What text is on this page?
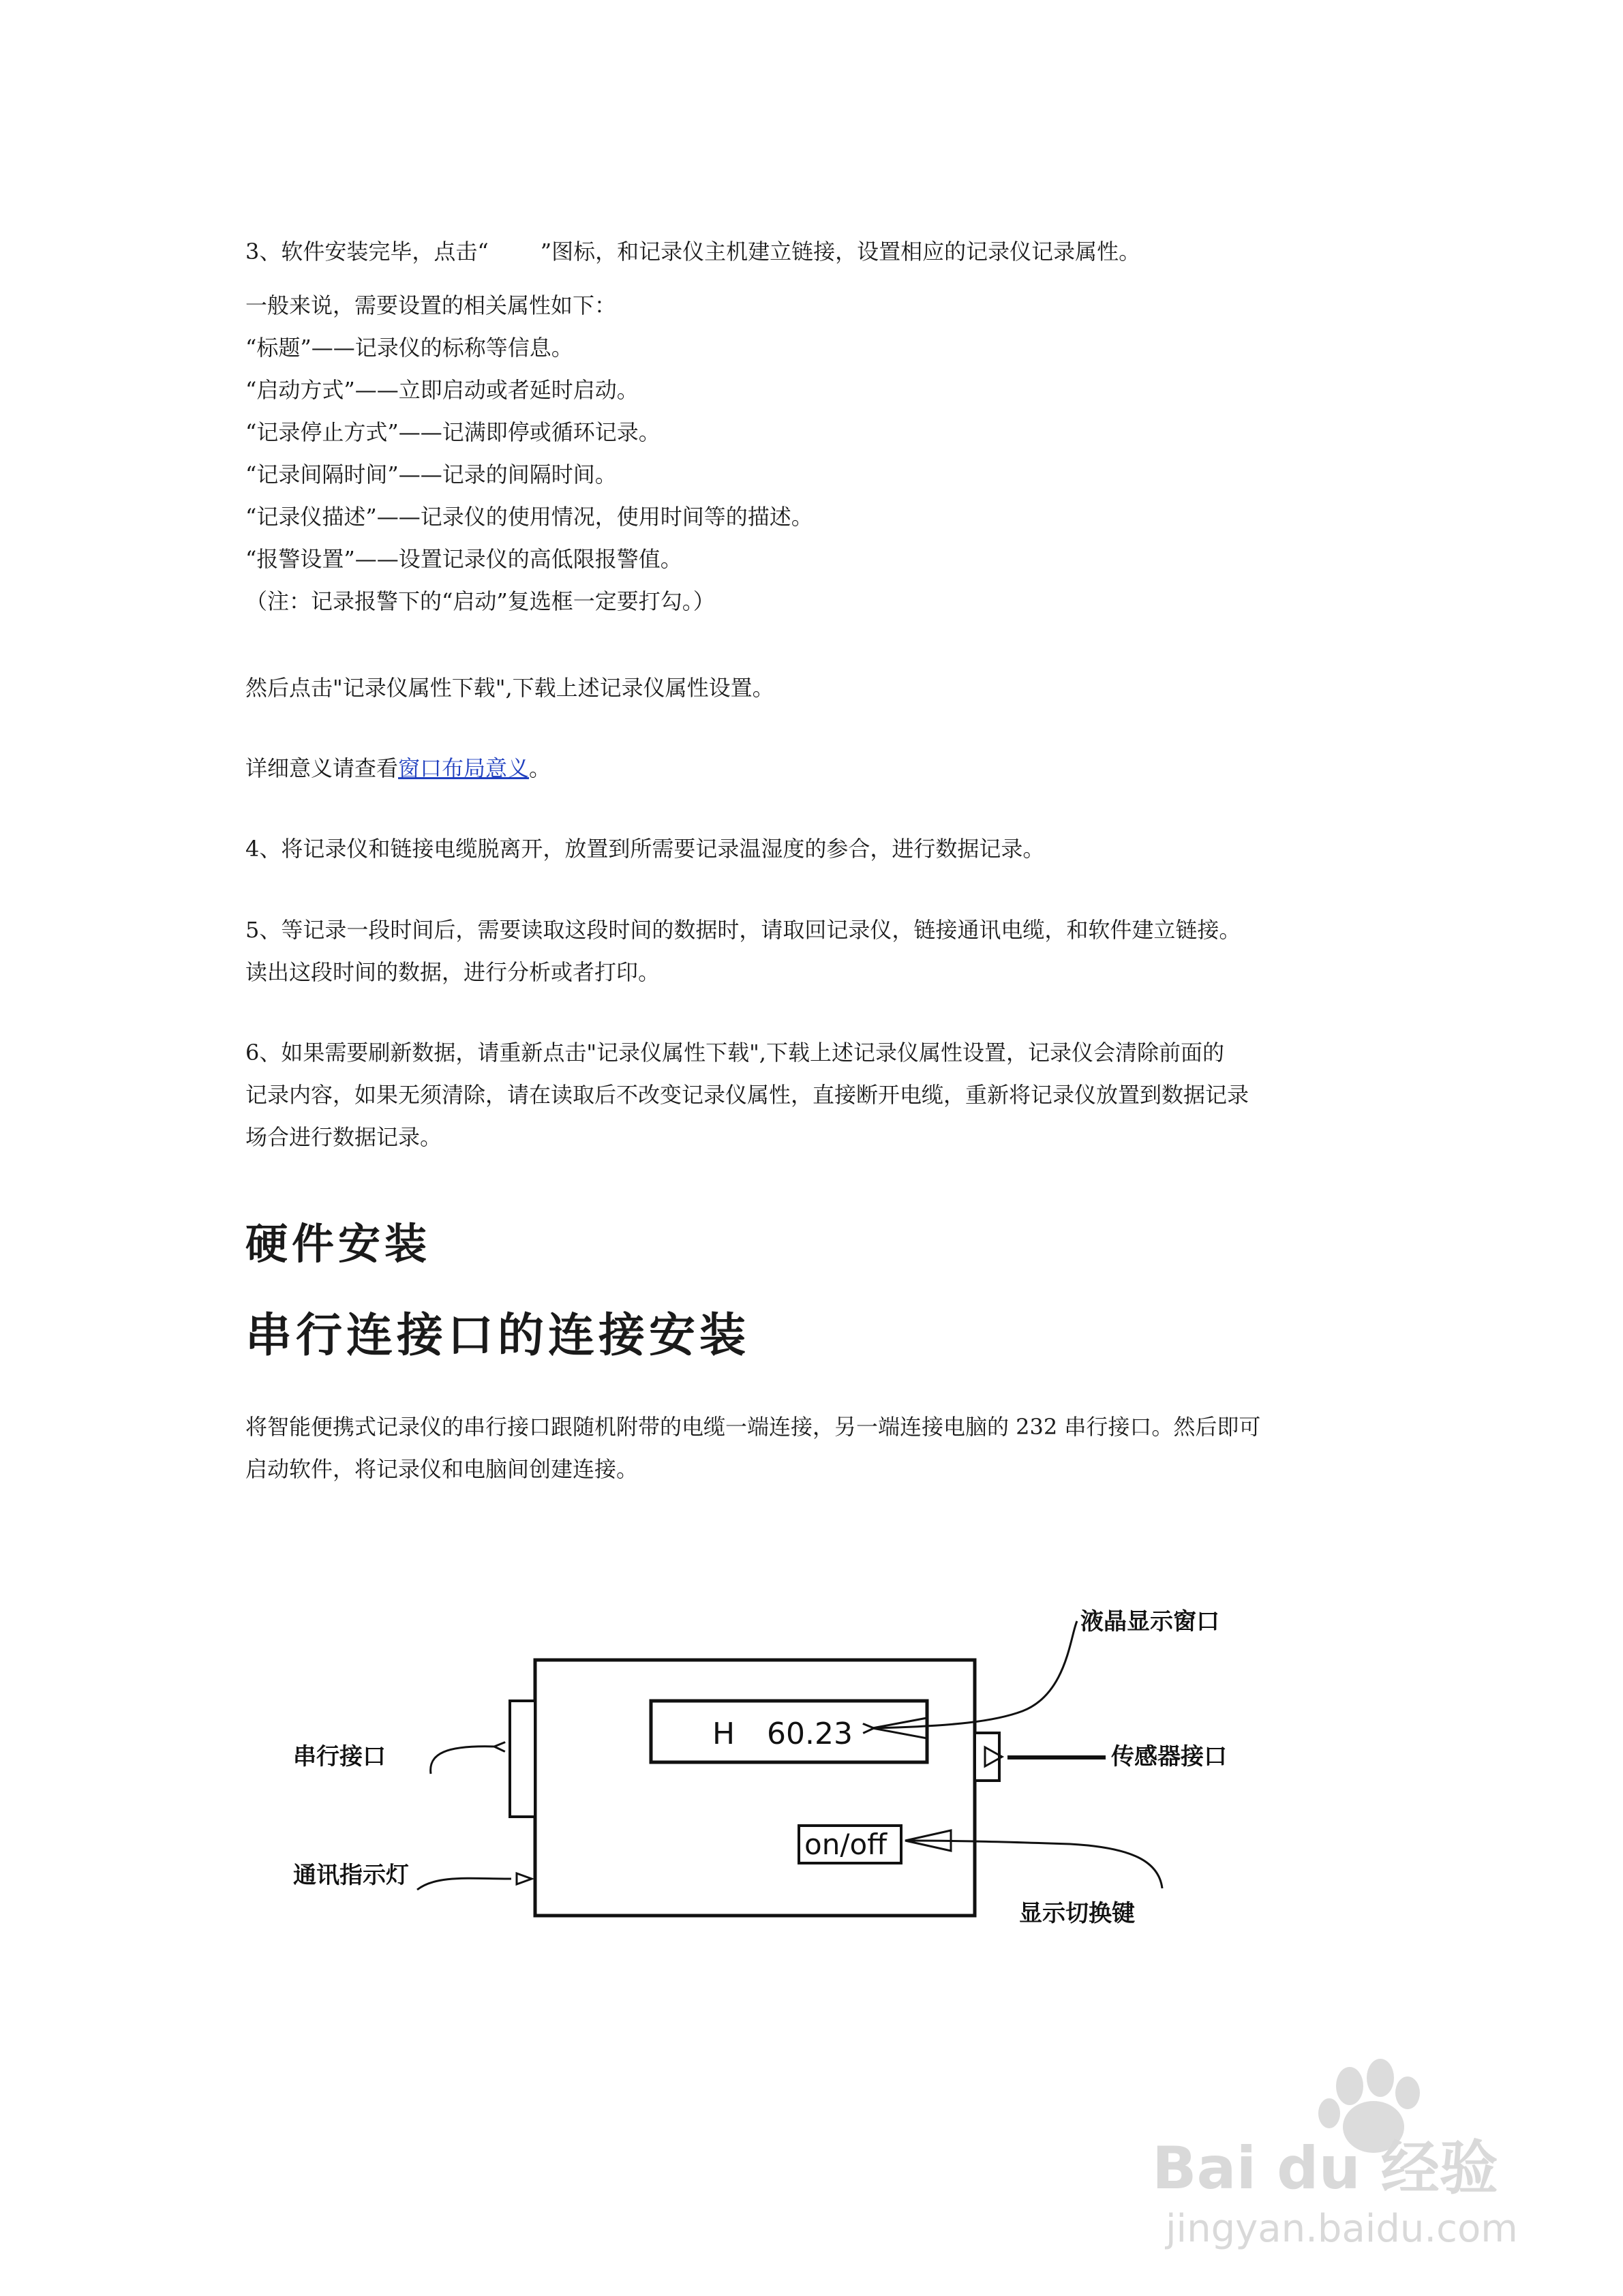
3、软件安装完毕，点击“ ”图标，和记录仪主机建立链接，设置相应的记录仪记录属性。
一般来说，需要设置的相关属性如下：
“标题”——记录仪的标称等信息。
“启动方式”——立即启动或者延时启动。
“记录停止方式”——记满即停或循环记录。
“记录间隔时间”——记录的间隔时间。
“记录仪描述”——记录仪的使用情况，使用时间等的描述。
“报警设置”——设置记录仪的高低限报警值。
（注：记录报警下的“启动”复选框一定要打勾。）
然后点击"记录仪属性下载",下载上述记录仪属性设置。
详细意义请查看窗口布局意义。
4、将记录仪和链接电缆脱离开，放置到所需要记录温湿度的参合，进行数据记录。
5、等记录一段时间后，需要读取这段时间的数据时，请取回记录仪，链接通讯电缆，和软件建立链接。
读出这段时间的数据，进行分析或者打印。
6、如果需要刷新数据，请重新点击"记录仪属性下载",下载上述记录仪属性设置，记录仪会清除前面的
记录内容，如果无须清除，请在读取后不改变记录仪属性，直接断开电缆，重新将记录仪放置到数据记录
场合进行数据记录。
硬件安装
串行连接口的连接安装
将智能便携式记录仪的串行接口跟随机附带的电缆一端连接，另一端连接电脑的 232 串行接口。然后即可
启动软件，将记录仪和电脑间创建连接。
H 60.23
on/off
液晶显示窗口
传感器接口
串行接口
通讯指示灯
显示切换键
Bai du 经验
jingyan.baidu.com
